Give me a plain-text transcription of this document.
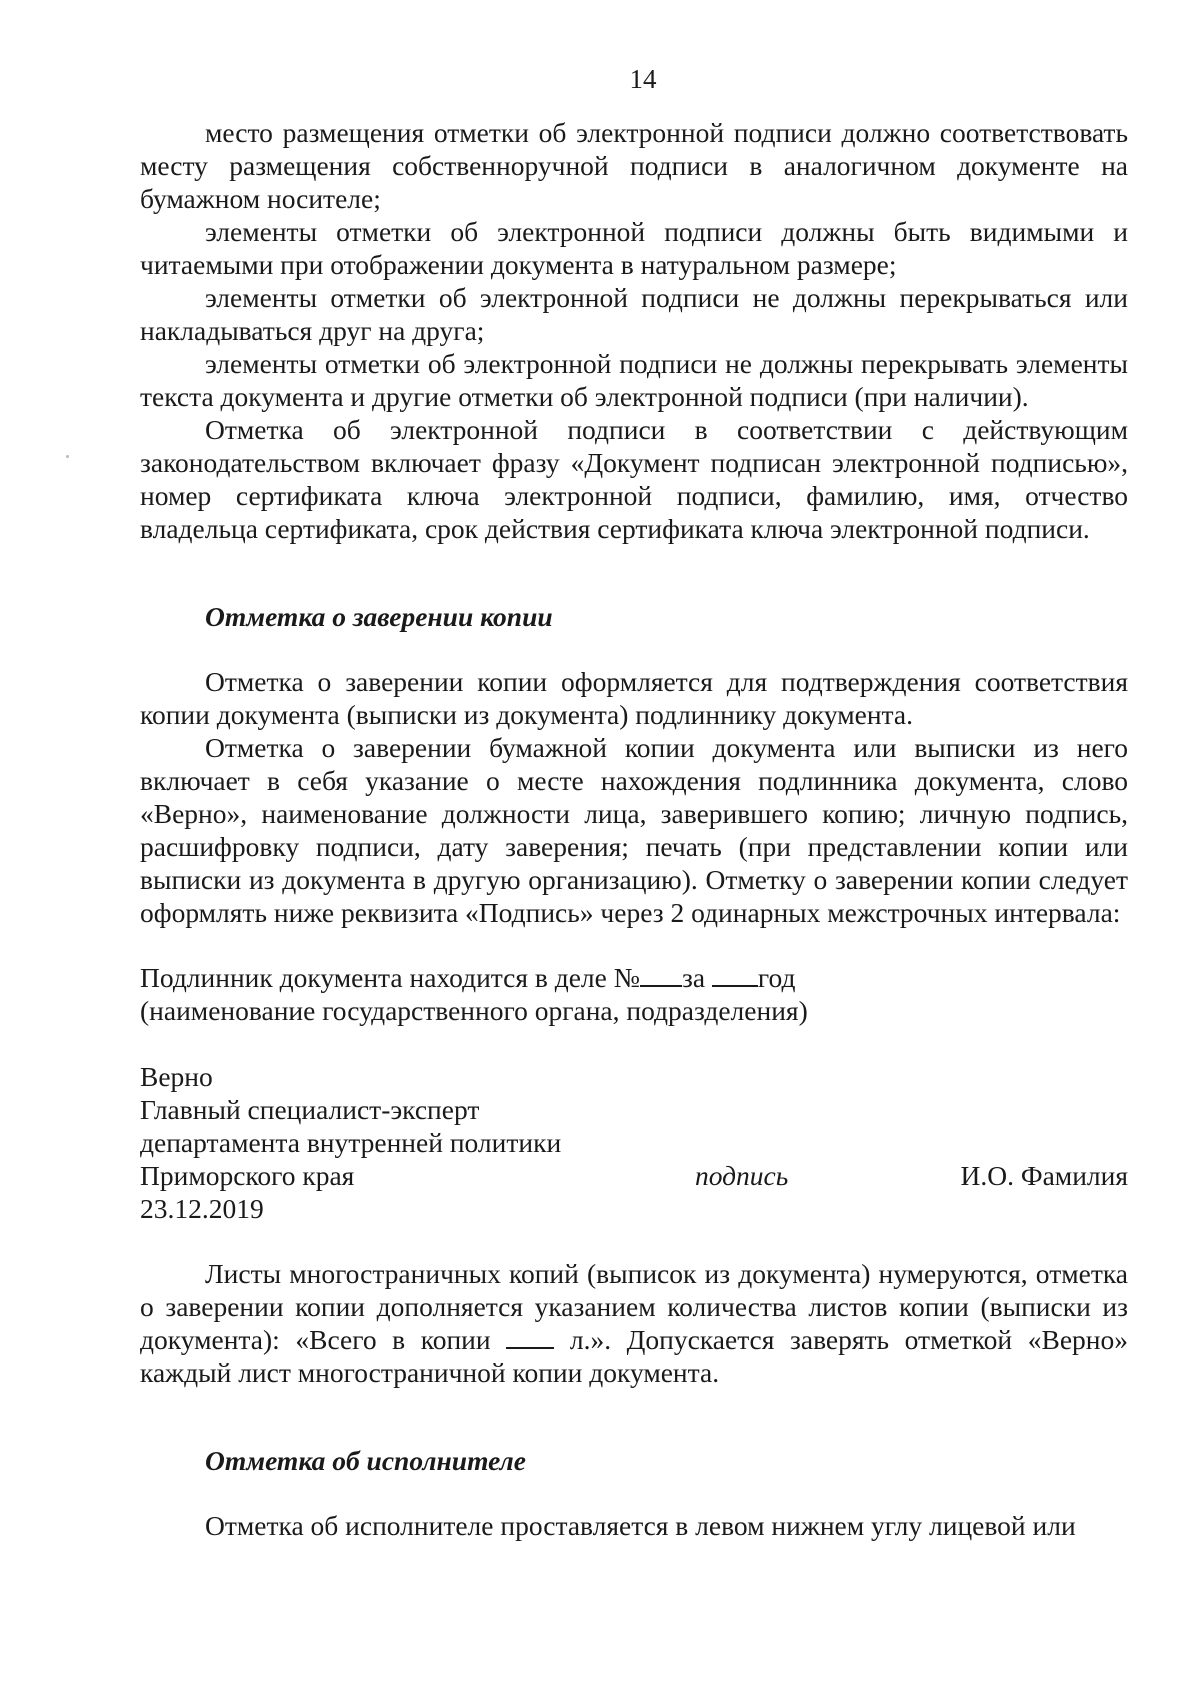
14

место размещения отметки об электронной подписи должно соответствовать месту размещения собственноручной подписи в аналогичном документе на бумажном носителе;

элементы отметки об электронной подписи должны быть видимыми и читаемыми при отображении документа в натуральном размере;

элементы отметки об электронной подписи не должны перекрываться или накладываться друг на друга;

элементы отметки об электронной подписи не должны перекрывать элементы текста документа и другие отметки об электронной подписи (при наличии).

Отметка об электронной подписи в соответствии с действующим законодательством включает фразу «Документ подписан электронной подписью», номер сертификата ключа электронной подписи, фамилию, имя, отчество владельца сертификата, срок действия сертификата ключа электронной подписи.

Отметка о заверении копии

Отметка о заверении копии оформляется для подтверждения соответствия копии документа (выписки из документа) подлиннику документа.

Отметка о заверении бумажной копии документа или выписки из него включает в себя указание о месте нахождения подлинника документа, слово «Верно», наименование должности лица, заверившего копию; личную подпись, расшифровку подписи, дату заверения; печать (при представлении копии или выписки из документа в другую организацию). Отметку о заверении копии следует оформлять ниже реквизита «Подпись» через 2 одинарных межстрочных интервала:

Подлинник документа находится в деле № за год
(наименование государственного органа, подразделения)
Верно
Главный специалист-эксперт
департамента внутренней политики
Приморского края	подпись	И.О. Фамилия
23.12.2019

Листы многостраничных копий (выписок из документа) нумеруются, отметка о заверении копии дополняется указанием количества листов копии (выписки из документа): «Всего в копии	л.». Допускается заверять отметкой «Верно» каждый лист многостраничной копии документа.

Отметка об исполнителе

Отметка об исполнителе проставляется в левом нижнем углу лицевой или
